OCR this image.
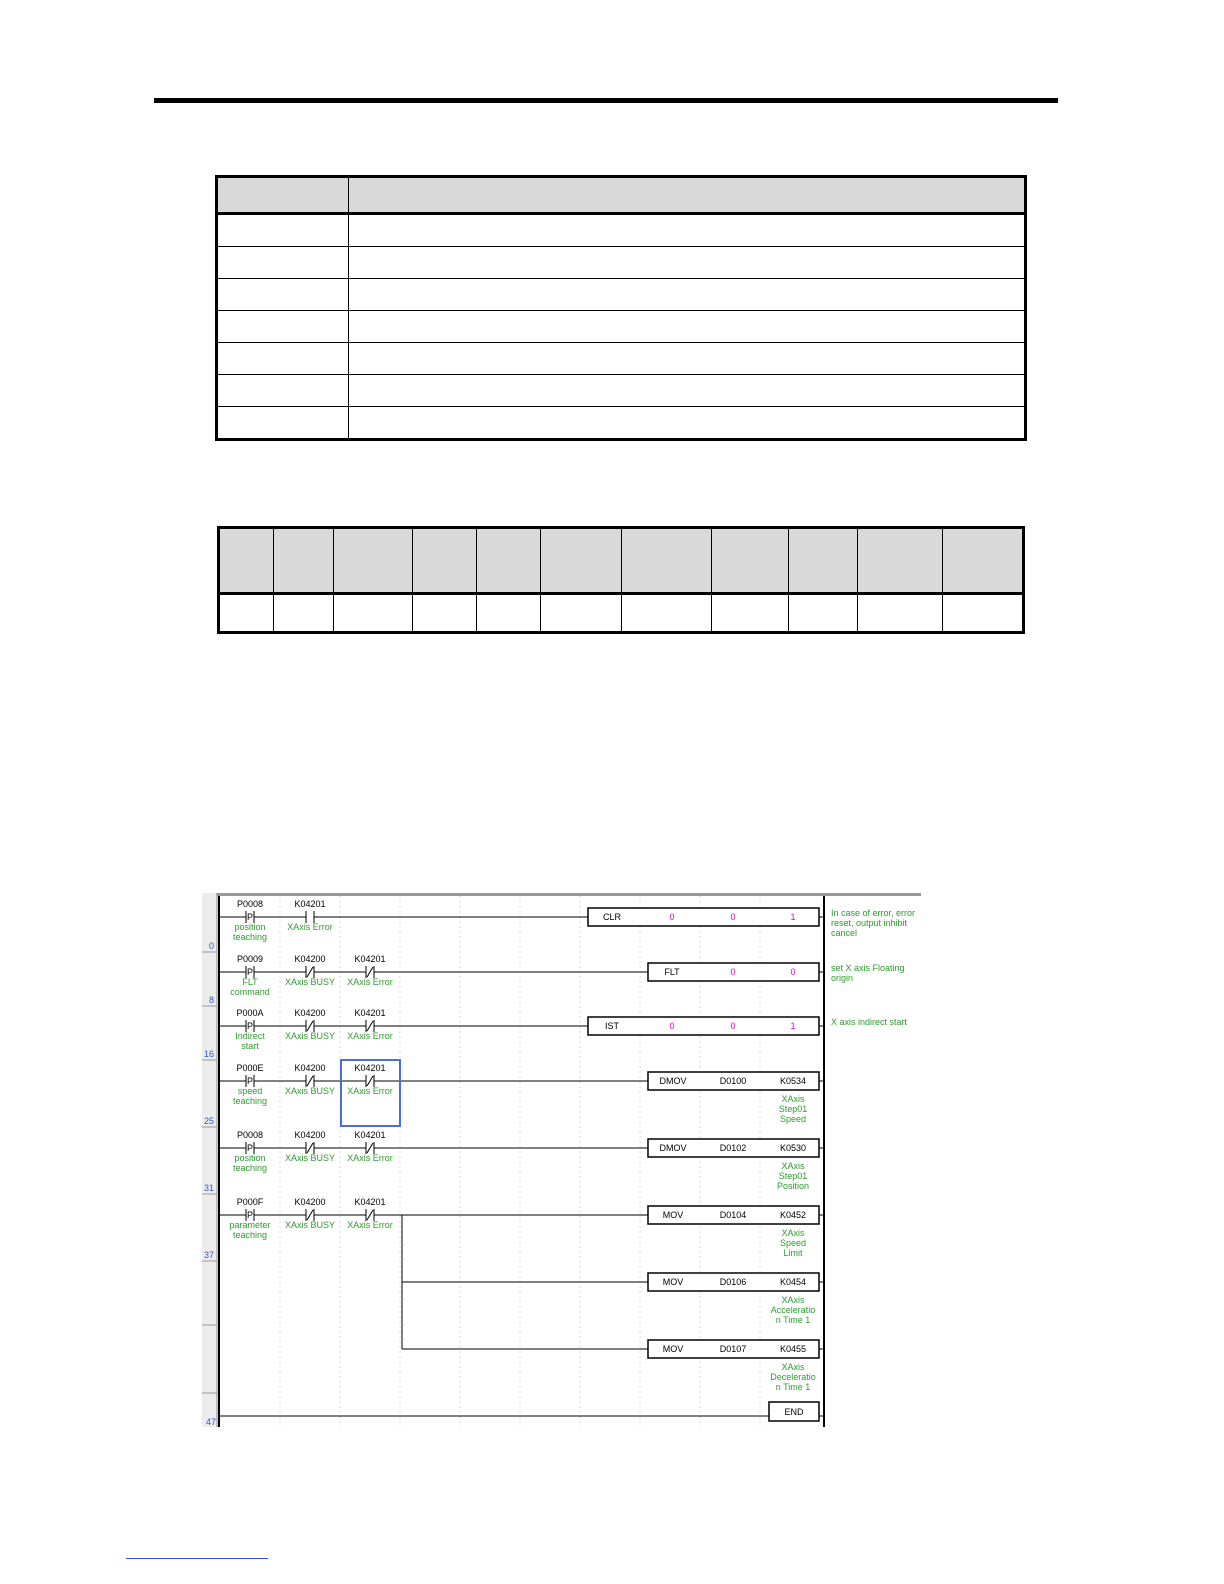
0
P
P0008
position
teaching
K04201
XAxis Error
CLR	0	0	1	In case of error, error
reset, output inhibit
cancel
8
P
P0009
FLT
command
K04200
XAxis BUSY
K04201
XAxis Error
FLT	0	0	set X axis Floating
origin
16
P
P000A
Indirect
start
K04200
XAxis BUSY
K04201
XAxis Error
IST	0	0	1	X axis indirect start
25
P
P000E
speed
teaching
K04200
XAxis BUSY
K04201
XAxis Error
DMOV	D0100	K0534
XAxis
Step01
Speed
31
P
P0008
position
teaching
K04200
XAxis BUSY
K04201
XAxis Error
DMOV	D0102	K0530
XAxis
Step01
Position
37
P
P000F
parameter
teaching
K04200
XAxis BUSY
K04201
XAxis Error
MOV	D0104	K0452
XAxis
Speed
Limit
MOV	D0106	K0454
XAxis
Acceleratio
n Time 1
MOV	D0107	K0455
XAxis
Deceleratio
n Time 1
47
END
